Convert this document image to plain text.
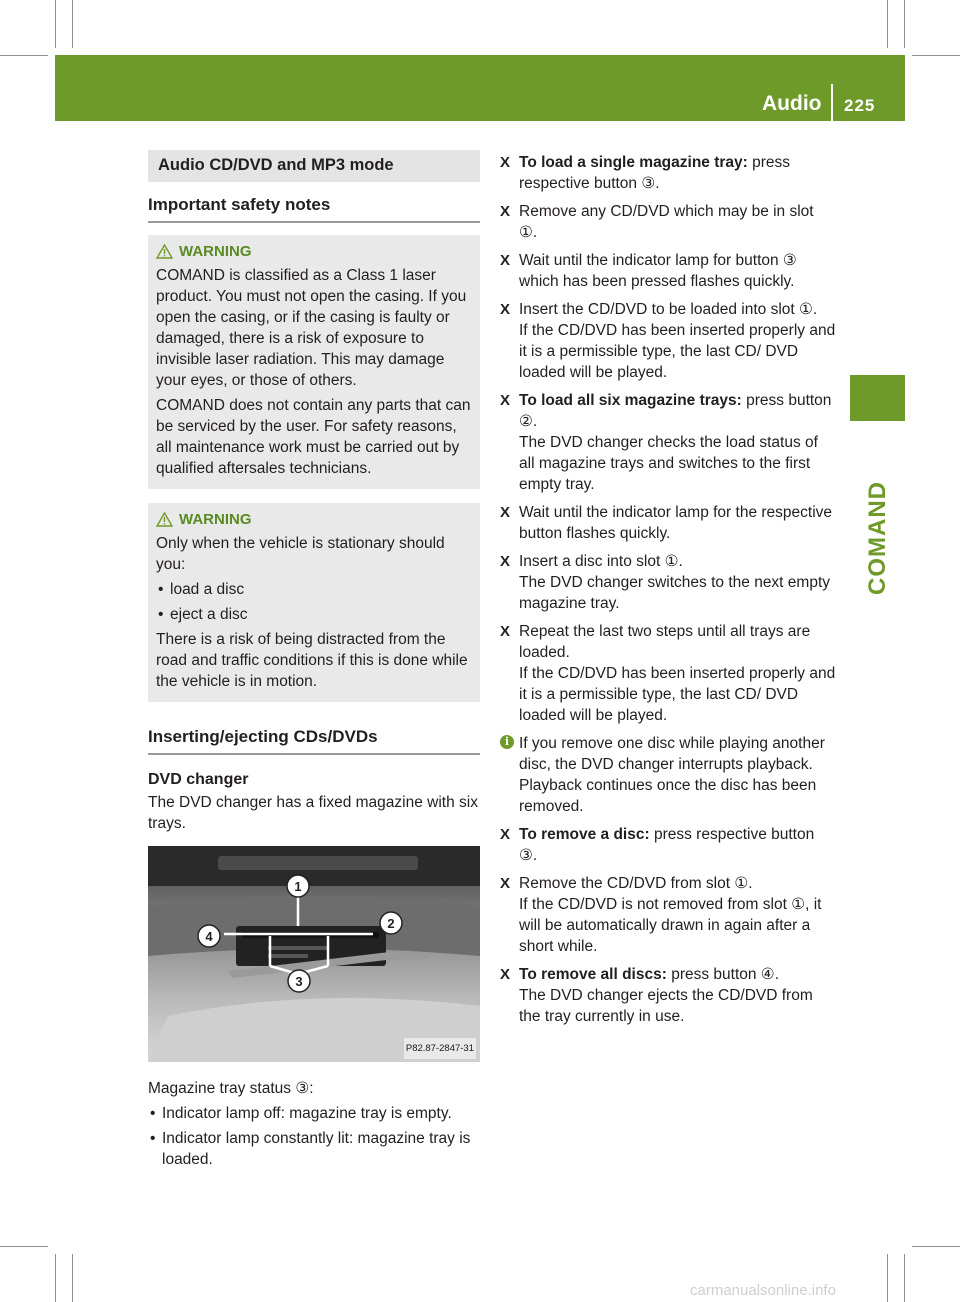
Audio 225
COMAND
Audio CD/DVD and MP3 mode
Important safety notes
WARNING

COMAND is classified as a Class 1 laser product. You must not open the casing. If you open the casing, or if the casing is faulty or damaged, there is a risk of exposure to invisible laser radiation. This may damage your eyes, or those of others.

COMAND does not contain any parts that can be serviced by the user. For safety reasons, all maintenance work must be carried out by qualified aftersales technicians.

WARNING

Only when the vehicle is stationary should you:

• load a disc

• eject a disc

There is a risk of being distracted from the road and traffic conditions if this is done while the vehicle is in motion.

Inserting/ejecting CDs/DVDs
DVD changer

The DVD changer has a fixed magazine with six trays.

1
2
3
4
P82.87-2847-31

Magazine tray status ③:

• Indicator lamp off: magazine tray is empty.

• Indicator lamp constantly lit: magazine tray is loaded.

X To load a single magazine tray: press respective button ③.
X Remove any CD/DVD which may be in slot ①.
X Wait until the indicator lamp for button ③ which has been pressed flashes quickly.
X Insert the CD/DVD to be loaded into slot ①.
If the CD/DVD has been inserted properly and it is a permissible type, the last CD/ DVD loaded will be played.
X To load all six magazine trays: press button ②.
The DVD changer checks the load status of all magazine trays and switches to the first empty tray.
X Wait until the indicator lamp for the respective button flashes quickly.
X Insert a disc into slot ①.
The DVD changer switches to the next empty magazine tray.
X Repeat the last two steps until all trays are loaded.
If the CD/DVD has been inserted properly and it is a permissible type, the last CD/ DVD loaded will be played.
i If you remove one disc while playing another disc, the DVD changer interrupts playback. Playback continues once the disc has been removed.
X To remove a disc: press respective button ③.
X Remove the CD/DVD from slot ①.
If the CD/DVD is not removed from slot ①, it will be automatically drawn in again after a short while.
X To remove all discs: press button ④.
The DVD changer ejects the CD/DVD from the tray currently in use.
carmanualsonline.info
